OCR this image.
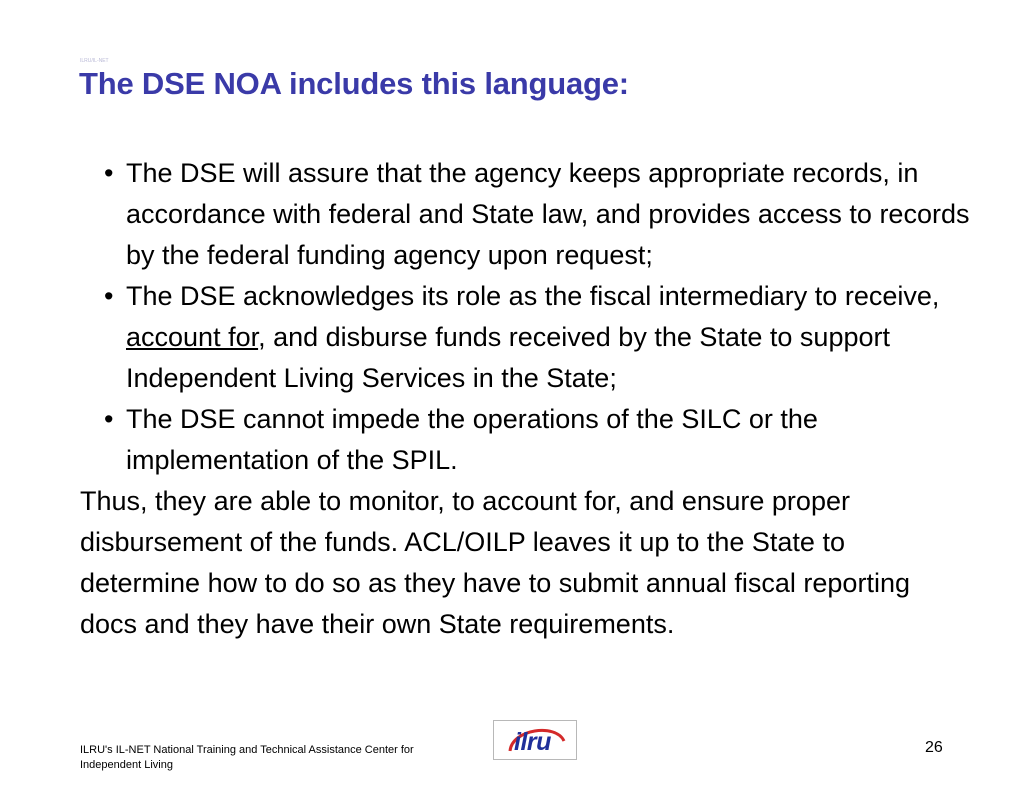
ILRU/IL-NET
The DSE NOA includes this language:
• The DSE will assure that the agency keeps appropriate records, in accordance with federal and State law, and provides access to records by the federal funding agency upon request;
• The DSE acknowledges its role as the fiscal intermediary to receive, account for, and disburse funds received by the State to support Independent Living Services in the State;
• The DSE cannot impede the operations of the SILC or the implementation of the SPIL.

Thus, they are able to monitor, to account for, and ensure proper disbursement of the funds. ACL/OILP leaves it up to the State to determine how to do so as they have to submit annual fiscal reporting docs and they have their own State requirements.

ILRU's IL-NET National Training and Technical Assistance Center for Independent Living
ilru	26
